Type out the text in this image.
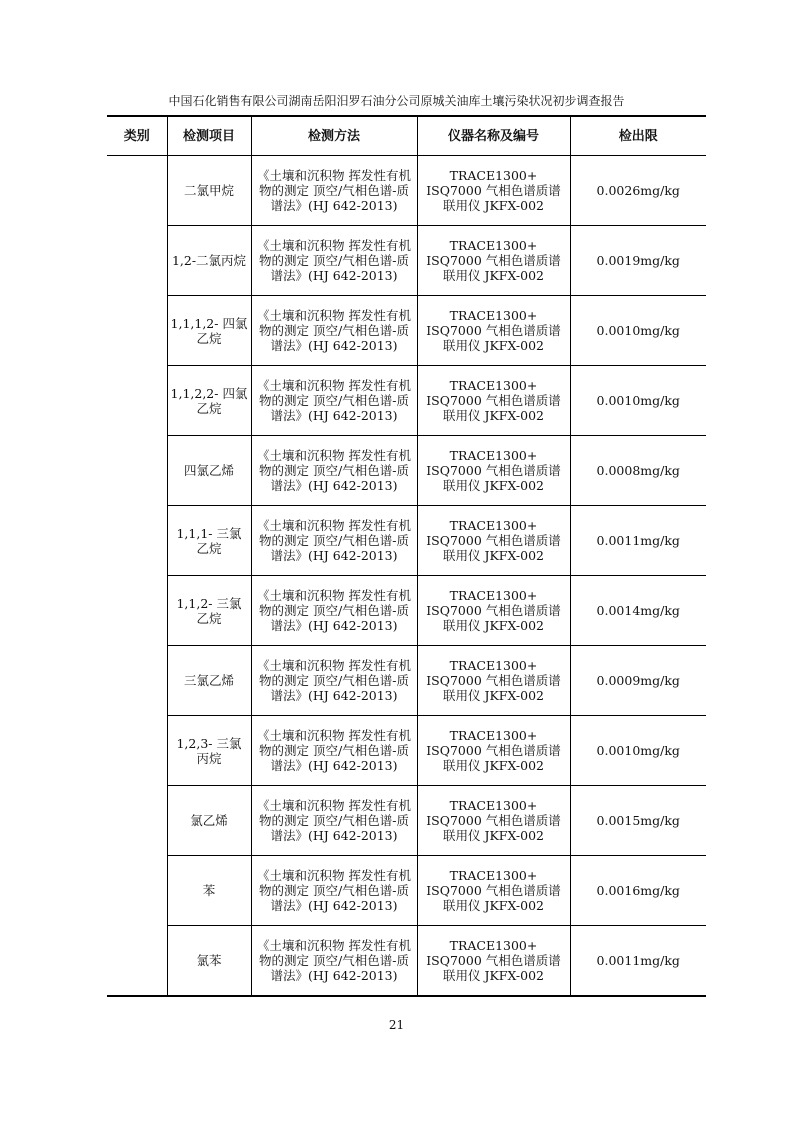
中国石化销售有限公司湖南岳阳汨罗石油分公司原城关油库土壤污染状况初步调查报告
类别	检测项目	检测方法	仪器名称及编号	检出限
	二氯甲烷	《土壤和沉积物 挥发性有机物的测定 顶空/气相色谱-质谱法》(HJ 642-2013)	TRACE1300+ ISQ7000 气相色谱质谱联用仪 JKFX-002	0.0026mg/kg
	1,2-二氯丙烷	《土壤和沉积物 挥发性有机物的测定 顶空/气相色谱-质谱法》(HJ 642-2013)	TRACE1300+ ISQ7000 气相色谱质谱联用仪 JKFX-002	0.0019mg/kg
	1,1,1,2- 四氯乙烷	《土壤和沉积物 挥发性有机物的测定 顶空/气相色谱-质谱法》(HJ 642-2013)	TRACE1300+ ISQ7000 气相色谱质谱联用仪 JKFX-002	0.0010mg/kg
	1,1,2,2- 四氯乙烷	《土壤和沉积物 挥发性有机物的测定 顶空/气相色谱-质谱法》(HJ 642-2013)	TRACE1300+ ISQ7000 气相色谱质谱联用仪 JKFX-002	0.0010mg/kg
	四氯乙烯	《土壤和沉积物 挥发性有机物的测定 顶空/气相色谱-质谱法》(HJ 642-2013)	TRACE1300+ ISQ7000 气相色谱质谱联用仪 JKFX-002	0.0008mg/kg
	1,1,1- 三氯乙烷	《土壤和沉积物 挥发性有机物的测定 顶空/气相色谱-质谱法》(HJ 642-2013)	TRACE1300+ ISQ7000 气相色谱质谱联用仪 JKFX-002	0.0011mg/kg
	1,1,2- 三氯乙烷	《土壤和沉积物 挥发性有机物的测定 顶空/气相色谱-质谱法》(HJ 642-2013)	TRACE1300+ ISQ7000 气相色谱质谱联用仪 JKFX-002	0.0014mg/kg
	三氯乙烯	《土壤和沉积物 挥发性有机物的测定 顶空/气相色谱-质谱法》(HJ 642-2013)	TRACE1300+ ISQ7000 气相色谱质谱联用仪 JKFX-002	0.0009mg/kg
	1,2,3- 三氯丙烷	《土壤和沉积物 挥发性有机物的测定 顶空/气相色谱-质谱法》(HJ 642-2013)	TRACE1300+ ISQ7000 气相色谱质谱联用仪 JKFX-002	0.0010mg/kg
	氯乙烯	《土壤和沉积物 挥发性有机物的测定 顶空/气相色谱-质谱法》(HJ 642-2013)	TRACE1300+ ISQ7000 气相色谱质谱联用仪 JKFX-002	0.0015mg/kg
	苯	《土壤和沉积物 挥发性有机物的测定 顶空/气相色谱-质谱法》(HJ 642-2013)	TRACE1300+ ISQ7000 气相色谱质谱联用仪 JKFX-002	0.0016mg/kg
	氯苯	《土壤和沉积物 挥发性有机物的测定 顶空/气相色谱-质谱法》(HJ 642-2013)	TRACE1300+ ISQ7000 气相色谱质谱联用仪 JKFX-002	0.0011mg/kg
21
